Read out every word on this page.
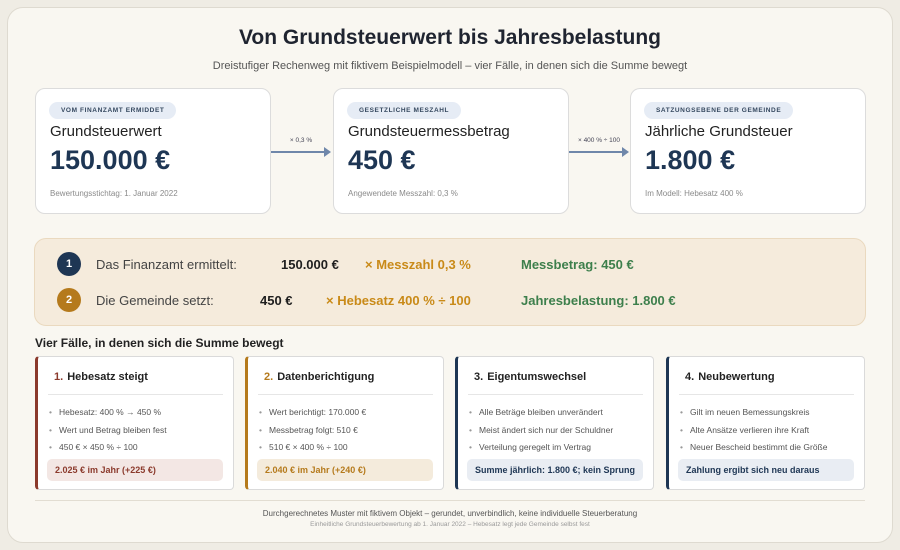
Von Grundsteuerwert bis Jahresbelastung
Dreistufiger Rechenweg mit fiktivem Beispielmodell – vier Fälle, in denen sich die Summe bewegt
VOM FINANZAMT ERMIDDET
Grundsteuerwert
150.000 €
Bewertungsstichtag: 1. Januar 2022
× 0,3 %
GESETZLICHE MESZAHL
Grundsteuermessbetrag
450 €
Angewendete Messzahl: 0,3 %
× 400 % ÷ 100
SATZUNGSEBENE DER GEMEINDE
Jährliche Grundsteuer
1.800 €
Im Modell: Hebesatz 400 %
1	Das Finanzamt ermittelt:	150.000 € × Messzahl 0,3 %	Messbetrag: 450 €
2	Die Gemeinde setzt:	450 €	× Hebesatz 400 % ÷ 100	Jahresbelastung: 1.800 €
Vier Fälle, in denen sich die Summe bewegt
1. Hebesatz steigt
• Hebesatz: 400 % → 450 %
• Wert und Betrag bleiben fest
• 450 € × 450 % ÷ 100
2.025 € im Jahr (+225 €)
2. Datenberichtigung
• Wert berichtigt: 170.000 €
• Messbetrag folgt: 510 €
• 510 € × 400 % ÷ 100
2.040 € im Jahr (+240 €)
3. Eigentumswechsel
• Alle Beträge bleiben unverändert
• Meist ändert sich nur der Schuldner
• Verteilung geregelt im Vertrag
Summe jährlich: 1.800 €; kein Sprung
4. Neubewertung
• Gilt im neuen Bemessungskreis
• Alte Ansätze verlieren ihre Kraft
• Neuer Bescheid bestimmt die Größe
Zahlung ergibt sich neu daraus
Durchgerechnetes Muster mit fiktivem Objekt – gerundet, unverbindlich, keine individuelle Steuerberatung
Einheitliche Grundsteuerbewertung ab 1. Januar 2022 – Hebesatz legt jede Gemeinde selbst fest
